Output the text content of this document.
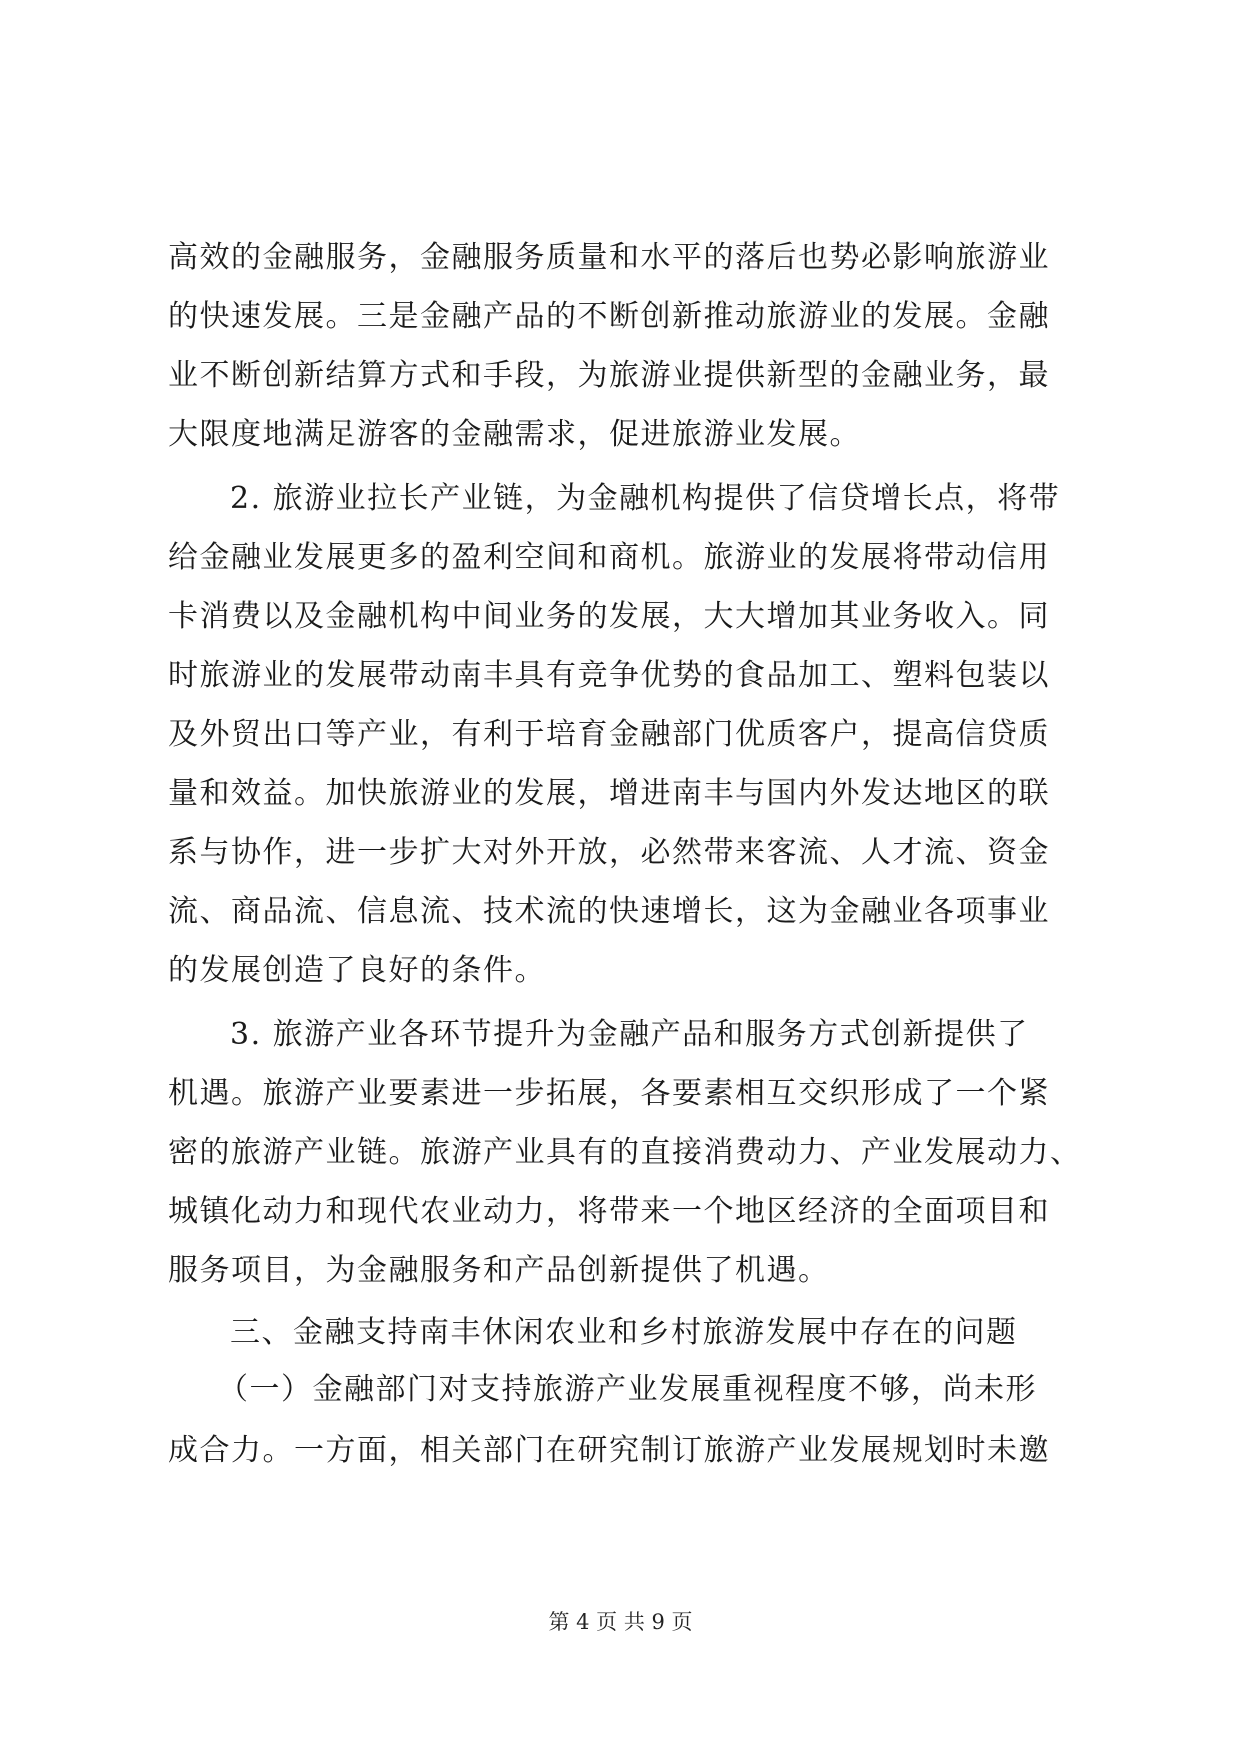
高效的金融服务，金融服务质量和水平的落后也势必影响旅游业
的快速发展。三是金融产品的不断创新推动旅游业的发展。金融
业不断创新结算方式和手段，为旅游业提供新型的金融业务，最
大限度地满足游客的金融需求，促进旅游业发展。
2. 旅游业拉长产业链，为金融机构提供了信贷增长点，将带
给金融业发展更多的盈利空间和商机。旅游业的发展将带动信用
卡消费以及金融机构中间业务的发展，大大增加其业务收入。同
时旅游业的发展带动南丰具有竞争优势的食品加工、塑料包装以
及外贸出口等产业，有利于培育金融部门优质客户，提高信贷质
量和效益。加快旅游业的发展，增进南丰与国内外发达地区的联
系与协作，进一步扩大对外开放，必然带来客流、人才流、资金
流、商品流、信息流、技术流的快速增长，这为金融业各项事业
的发展创造了良好的条件。
3. 旅游产业各环节提升为金融产品和服务方式创新提供了
机遇。旅游产业要素进一步拓展，各要素相互交织形成了一个紧
密的旅游产业链。旅游产业具有的直接消费动力、产业发展动力、
城镇化动力和现代农业动力，将带来一个地区经济的全面项目和
服务项目，为金融服务和产品创新提供了机遇。
三、金融支持南丰休闲农业和乡村旅游发展中存在的问题
（一）金融部门对支持旅游产业发展重视程度不够，尚未形
成合力。一方面，相关部门在研究制订旅游产业发展规划时未邀
第 4 页 共 9 页
